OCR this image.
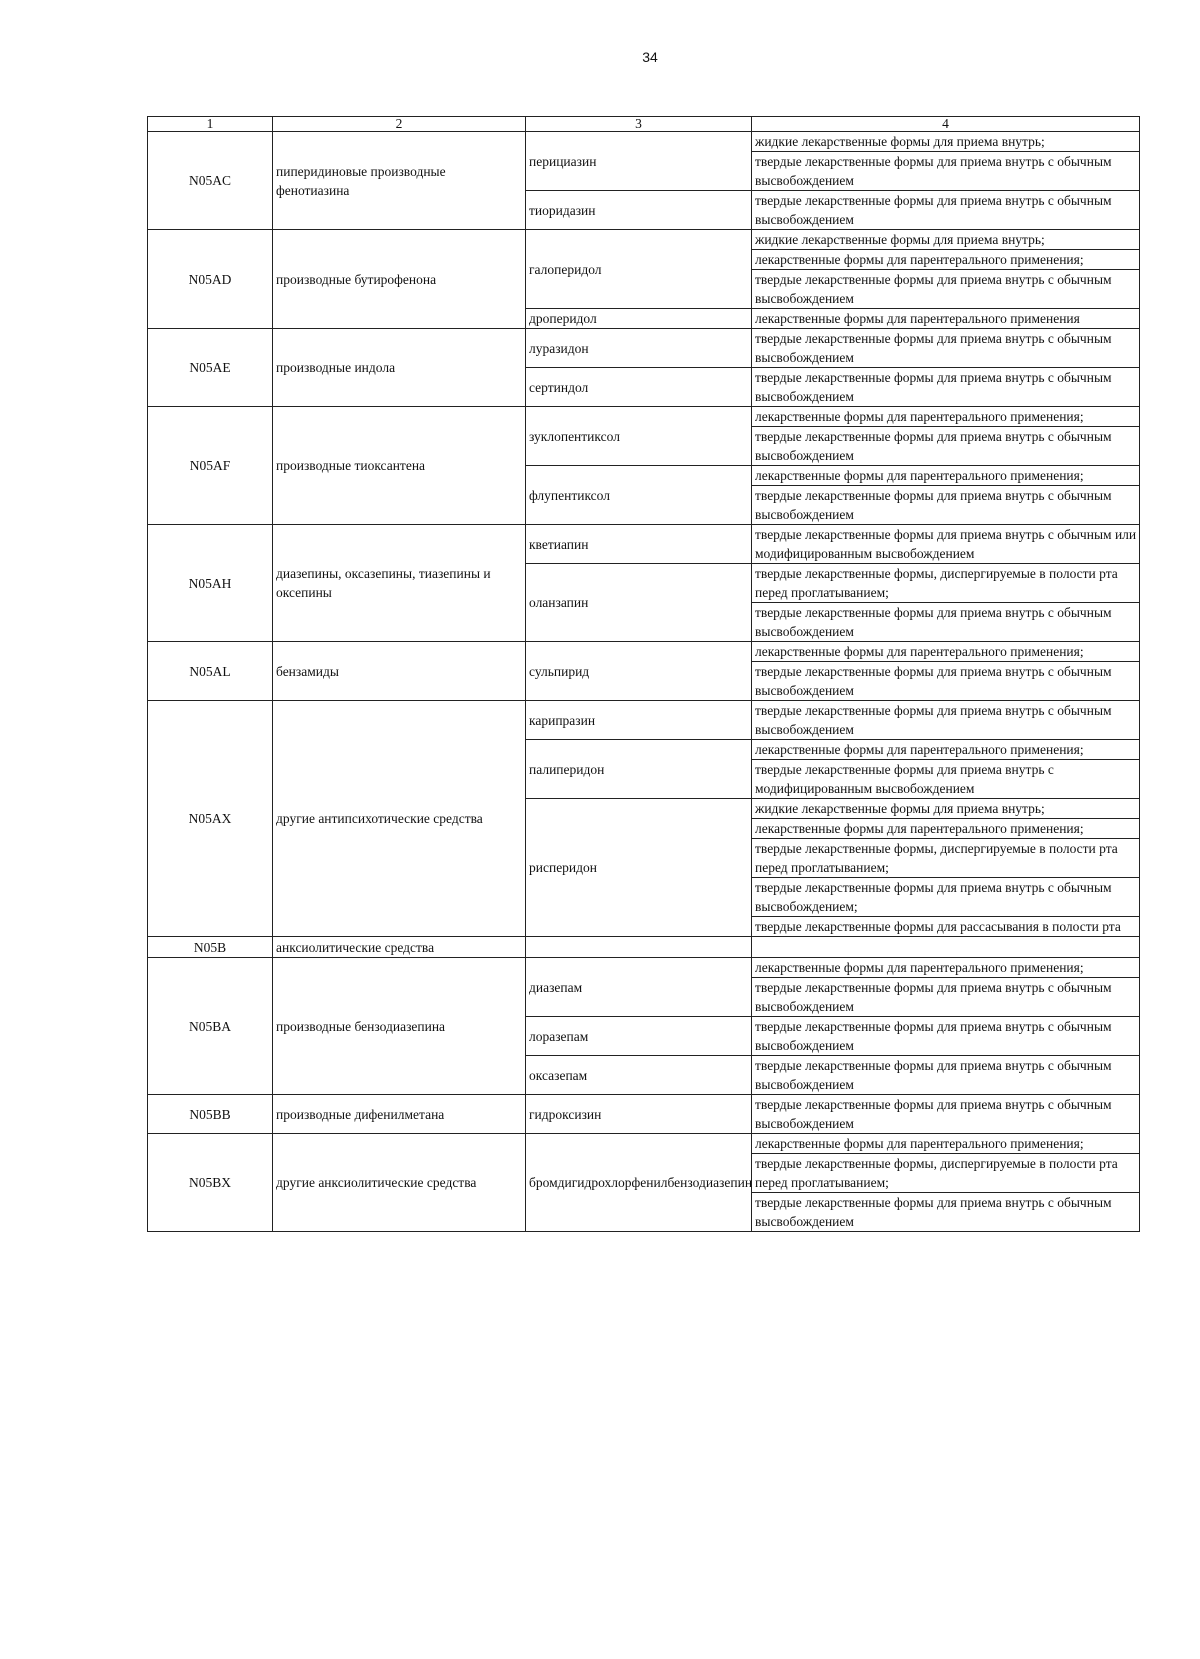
34
1	2	3	4
N05AC	пиперидиновые производные фенотиазина	перициазин	жидкие лекарственные формы для приема внутрь;
			твердые лекарственные формы для приема внутрь с обычным высвобождением
		тиоридазин	твердые лекарственные формы для приема внутрь с обычным высвобождением
N05AD	производные бутирофенона	галоперидол	жидкие лекарственные формы для приема внутрь;
			лекарственные формы для парентерального применения;
			твердые лекарственные формы для приема внутрь с обычным высвобождением
		дроперидол	лекарственные формы для парентерального применения
N05AE	производные индола	луразидон	твердые лекарственные формы для приема внутрь с обычным высвобождением
		сертиндол	твердые лекарственные формы для приема внутрь с обычным высвобождением
N05AF	производные тиоксантена	зуклопентиксол	лекарственные формы для парентерального применения;
			твердые лекарственные формы для приема внутрь с обычным высвобождением
		флупентиксол	лекарственные формы для парентерального применения;
			твердые лекарственные формы для приема внутрь с обычным высвобождением
N05AH	диазепины, оксазепины, тиазепины и оксепины	кветиапин	твердые лекарственные формы для приема внутрь с обычным или модифицированным высвобождением
		оланзапин	твердые лекарственные формы, диспергируемые в полости рта перед проглатыванием;
			твердые лекарственные формы для приема внутрь с обычным высвобождением
N05AL	бензамиды	сульпирид	лекарственные формы для парентерального применения;
			твердые лекарственные формы для приема внутрь с обычным высвобождением
N05AX	другие антипсихотические средства	карипразин	твердые лекарственные формы для приема внутрь с обычным высвобождением
		палиперидон	лекарственные формы для парентерального применения;
			твердые лекарственные формы для приема внутрь с модифицированным высвобождением
		рисперидон	жидкие лекарственные формы для приема внутрь;
			лекарственные формы для парентерального применения;
			твердые лекарственные формы, диспергируемые в полости рта перед проглатыванием;
			твердые лекарственные формы для приема внутрь с обычным высвобождением;
			твердые лекарственные формы для рассасывания в полости рта
N05B	анксиолитические средства		
N05BA	производные бензодиазепина	диазепам	лекарственные формы для парентерального применения;
			твердые лекарственные формы для приема внутрь с обычным высвобождением
		лоразепам	твердые лекарственные формы для приема внутрь с обычным высвобождением
		оксазепам	твердые лекарственные формы для приема внутрь с обычным высвобождением
N05BB	производные дифенилметана	гидроксизин	твердые лекарственные формы для приема внутрь с обычным высвобождением
N05BX	другие анксиолитические средства	бромдигидрохлорфенилбензодиазепин	лекарственные формы для парентерального применения;
			твердые лекарственные формы, диспергируемые в полости рта перед проглатыванием;
			твердые лекарственные формы для приема внутрь с обычным высвобождением
